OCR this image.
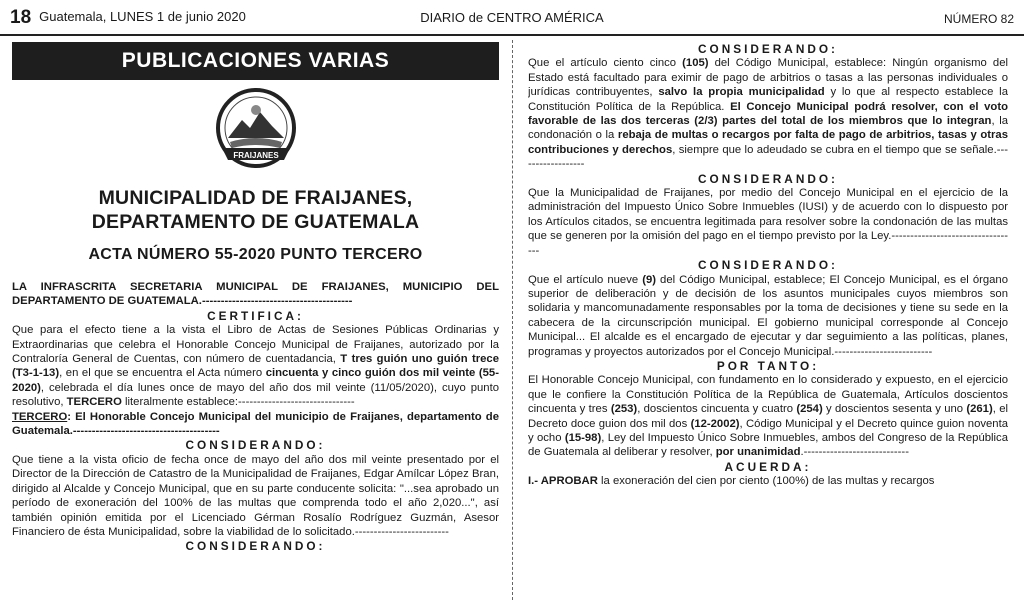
18 Guatemala, LUNES 1 de junio 2020	DIARIO de CENTRO AMÉRICA	NÚMERO 82
PUBLICACIONES VARIAS
FRAIJANES
MUNICIPALIDAD DE FRAIJANES,
DEPARTAMENTO DE GUATEMALA
ACTA NÚMERO 55-2020 PUNTO TERCERO

LA INFRASCRITA SECRETARIA MUNICIPAL DE FRAIJANES, MUNICIPIO DEL DEPARTAMENTO DE GUATEMALA.----------------------------------------

CERTIFICA:

Que para el efecto tiene a la vista el Libro de Actas de Sesiones Públicas Ordinarias y Extraordinarias que celebra el Honorable Concejo Municipal de Fraijanes, autorizado por la Contraloría General de Cuentas, con número de cuentadancia, T tres guión uno guión trece (T3-1-13), en el que se encuentra el Acta número cincuenta y cinco guión dos mil veinte (55-2020), celebrada el día lunes once de mayo del año dos mil veinte (11/05/2020), cuyo punto resolutivo, TERCERO literalmente establece:-------------------------------

TERCERO: El Honorable Concejo Municipal del municipio de Fraijanes, departamento de Guatemala.---------------------------------------

CONSIDERANDO:

Que tiene a la vista oficio de fecha once de mayo del año dos mil veinte presentado por el Director de la Dirección de Catastro de la Municipalidad de Fraijanes, Edgar Amílcar López Bran, dirigido al Alcalde y Concejo Municipal, que en su parte conducente solicita: "...sea aprobado un período de exoneración del 100% de las multas que comprenda todo el año 2,020...", así también opinión emitida por el Licenciado Gérman Rosalío Rodríguez Guzmán, Asesor Financiero de ésta Municipalidad, sobre la viabilidad de lo solicitado.-------------------------

CONSIDERANDO:

CONSIDERANDO:

Que el artículo ciento cinco (105) del Código Municipal, establece: Ningún organismo del Estado está facultado para eximir de pago de arbitrios o tasas a las personas individuales o jurídicas contribuyentes, salvo la propia municipalidad y lo que al respecto establece la Constitución Política de la República. El Concejo Municipal podrá resolver, con el voto favorable de las dos terceras (2/3) partes del total de los miembros que lo integran, la condonación o la rebaja de multas o recargos por falta de pago de arbitrios, tasas y otras contribuciones y derechos, siempre que lo adeudado se cubra en el tiempo que se señale.------------------

CONSIDERANDO:

Que la Municipalidad de Fraijanes, por medio del Concejo Municipal en el ejercicio de la administración del Impuesto Único Sobre Inmuebles (IUSI) y de acuerdo con lo dispuesto por los Artículos citados, se encuentra legitimada para resolver sobre la condonación de las multas que se generen por la omisión del pago en el tiempo previsto por la Ley.----------------------------------

CONSIDERANDO:

Que el artículo nueve (9) del Código Municipal, establece; El Concejo Municipal, es el órgano superior de deliberación y de decisión de los asuntos municipales cuyos miembros son solidaria y mancomunadamente responsables por la toma de decisiones y tiene su sede en la cabecera de la circunscripción municipal. El gobierno municipal corresponde al Concejo Municipal... El alcalde es el encargado de ejecutar y dar seguimiento a las políticas, planes, programas y proyectos autorizados por el Concejo Municipal.--------------------------

POR TANTO:

El Honorable Concejo Municipal, con fundamento en lo considerado y expuesto, en el ejercicio que le confiere la Constitución Política de la República de Guatemala, Artículos doscientos cincuenta y tres (253), doscientos cincuenta y cuatro (254) y doscientos sesenta y uno (261), el Decreto doce guion dos mil dos (12-2002), Código Municipal y el Decreto quince guion noventa y ocho (15-98), Ley del Impuesto Único Sobre Inmuebles, ambos del Congreso de la República de Guatemala al deliberar y resolver, por unanimidad.----------------------------

ACUERDA:

I.- APROBAR la exoneración del cien por ciento (100%) de las multas y recargos
